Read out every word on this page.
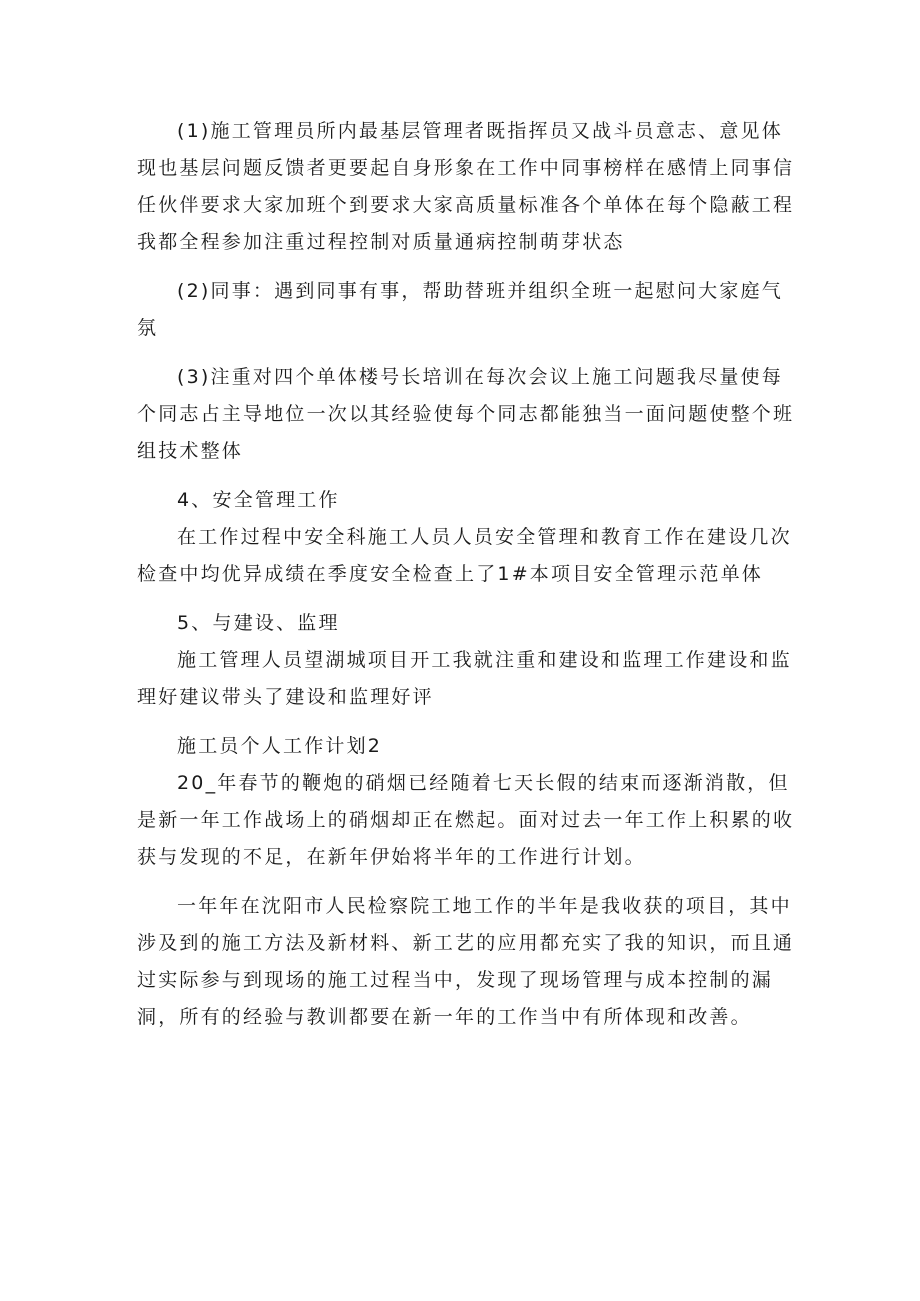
(1)施工管理员所内最基层管理者既指挥员又战斗员意志、意见体现也基层问题反馈者更要起自身形象在工作中同事榜样在感情上同事信任伙伴要求大家加班个到要求大家高质量标准各个单体在每个隐蔽工程我都全程参加注重过程控制对质量通病控制萌芽状态

(2)同事：遇到同事有事，帮助替班并组织全班一起慰问大家庭气氛

(3)注重对四个单体楼号长培训在每次会议上施工问题我尽量使每个同志占主导地位一次以其经验使每个同志都能独当一面问题使整个班组技术整体

4、安全管理工作

在工作过程中安全科施工人员人员安全管理和教育工作在建设几次检查中均优异成绩在季度安全检查上了1#本项目安全管理示范单体

5、与建设、监理

施工管理人员望湖城项目开工我就注重和建设和监理工作建设和监理好建议带头了建设和监理好评

施工员个人工作计划2

20_年春节的鞭炮的硝烟已经随着七天长假的结束而逐渐消散，但是新一年工作战场上的硝烟却正在燃起。面对过去一年工作上积累的收获与发现的不足，在新年伊始将半年的工作进行计划。

一年年在沈阳市人民检察院工地工作的半年是我收获的项目，其中涉及到的施工方法及新材料、新工艺的应用都充实了我的知识，而且通过实际参与到现场的施工过程当中，发现了现场管理与成本控制的漏洞，所有的经验与教训都要在新一年的工作当中有所体现和改善。
